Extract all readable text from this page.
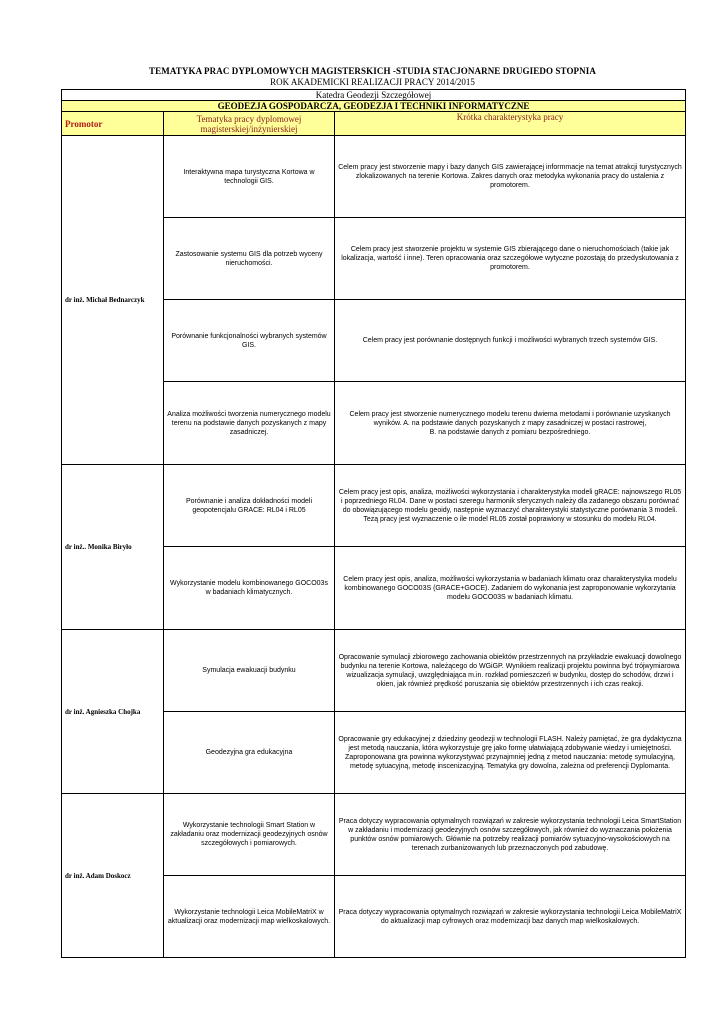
TEMATYKA PRAC DYPLOMOWYCH MAGISTERSKICH -STUDIA STACJONARNE DRUGIEDO STOPNIA
ROK AKADEMICKI REALIZACJI PRACY 2014/2015
Katedra Geodezji Szczegółowej		
GEODEZJA GOSPODARCZA, GEODEZJA I TECHNIKI INFORMATYCZNE		
Promotor	Tematyka pracy dyplomowej magisterskiej/inżynierskiej	Krótka charakterystyka pracy
dr inż. Michał Bednarczyk	Interaktywna mapa turystyczna Kortowa w technologii GIS.	Celem pracy jest stworzenie mapy i bazy danych GIS zawierającej informmacje na temat atrakcji turystycznych zlokalizowanych na terenie Kortowa. Zakres danych oraz metodyka wykonania pracy do ustalenia z promotorem.
	Zastosowanie systemu GIS dla potrzeb wyceny nieruchomości.	Celem pracy jest stworzenie projektu w systemie GIS zbierającego dane o nieruchomościach (takie jak lokalizacja, wartość i inne). Teren opracowania oraz szczegółowe wytyczne pozostają do przedyskutowania z promotorem.
	Porównanie funkcjonalności wybranych systemów GIS.	Celem pracy jest porównanie dostępnych funkcji i możliwości wybranych trzech systemów GIS.
	Analiza możliwości tworzenia numerycznego modelu terenu na podstawie danych pozyskanych z mapy zasadniczej.	Celem pracy jest stworzenie numerycznego modelu terenu dwiema metodami i porównanie uzyskanych wyników. A. na podstawie danych pozyskanych z mapy zasadniczej w postaci rastrowej,
B. na podstawie danych z pomiaru bezpośredniego.

dr inż.. Monika Biryło	Porównanie i analiza dokładności modeli geopotencjalu GRACE: RL04 i RL05	Celem pracy jest opis, analiza, możliwości wykorzystania i charakterystyka modeli gRACE: najnowszego RL05 i poprzedniego RL04. Dane w postaci szeregu harmonik sferycznych należy dla zadanego obszaru porównać do obowiązującego modelu geoidy, następnie wyznaczyć charakterystyki statystyczne porównania 3 modeli. Tezą pracy jest wyznaczenie o ile model RL05 został poprawiony w stosunku do modelu RL04.
	Wykorzystanie modelu kombinowanego GOCO03s w badaniach klimatycznych.	Celem pracy jest opis, analiza, możliwości wykorzystania w badaniach klimatu oraz charakterystyka modelu kombinowanego GOCO03S (GRACE+GOCE). Zadaniem do wykonania jest zaproponowanie wykorzytania modelu GOCO03S w badaniach klimatu.
dr inż. Agnieszka Chojka	Symulacja ewakuacji budynku	Opracowanie symulacji zbiorowego zachowania obiektów przestrzennych na przykładzie ewakuacji dowolnego budynku na terenie Kortowa, należącego do WGiGP. Wynikiem realizacji projektu powinna być trójwymiarowa wizualizacja symulacji, uwzględniająca m.in. rozkład pomieszczeń w budynku, dostęp do schodów, drzwi i okien, jak również prędkość poruszania się obiektów przestrzennych i ich czas reakcji.
	Geodezyjna gra edukacyjna	Opracowanie gry edukacyjnej z dziedziny geodezji w technologii FLASH. Należy pamiętać, że gra dydaktyczna jest metodą nauczania, która wykorzystuje grę jako formę ułatwiającą zdobywanie wiedzy i umiejętności. Zaproponowana gra powinna wykorzystywać przynajmniej jedną z metod nauczania: metodę symulacyjną, metodę sytuacyjną, metodę inscenizacyjną. Tematyka gry dowolna, zależna od preferencji Dyplomanta.
dr inż. Adam Doskocz	Wykorzystanie technologii Smart Station w zakładaniu oraz modernizacji geodezyjnych osnów szczegółowych i pomiarowych.	Praca dotyczy wypracowania optymalnych rozwiązań w zakresie wykorzystania technologii Leica SmartStation w zakładaniu i modernizacji geodezyjnych osnów szczegółowych, jak również do wyznaczania położenia punktów osnów pomiarowych. Głównie na potrzeby realizacji pomiarów sytuacyjno-wysokościowych na terenach zurbanizowanych lub przeznaczonych pod zabudowę.
	Wykorzystanie technologii Leica MobileMatriX w aktualizacji oraz modernizacji map wielkoskalowych.	Praca dotyczy wypracowania optymalnych rozwiązań w zakresie wykorzystania technologii Leica MobileMatriX do aktualizacji map cyfrowych oraz modernizacji baz danych map wielkoskalowych.
